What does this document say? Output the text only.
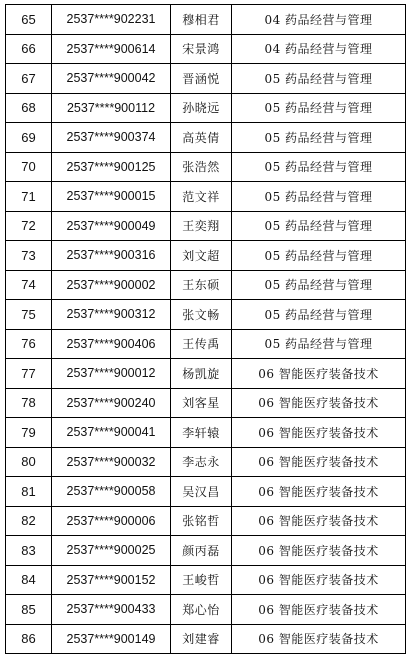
65	2537****902231	穆相君	04 药品经营与管理
66	2537****900614	宋景鸿	04 药品经营与管理
67	2537****900042	晋涵悦	05 药品经营与管理
68	2537****900112	孙晓远	05 药品经营与管理
69	2537****900374	高英倩	05 药品经营与管理
70	2537****900125	张浩然	05 药品经营与管理
71	2537****900015	范文祥	05 药品经营与管理
72	2537****900049	王奕翔	05 药品经营与管理
73	2537****900316	刘文超	05 药品经营与管理
74	2537****900002	王东硕	05 药品经营与管理
75	2537****900312	张文畅	05 药品经营与管理
76	2537****900406	王传禹	05 药品经营与管理
77	2537****900012	杨凯旋	06 智能医疗装备技术
78	2537****900240	刘客星	06 智能医疗装备技术
79	2537****900041	李轩辕	06 智能医疗装备技术
80	2537****900032	李志永	06 智能医疗装备技术
81	2537****900058	吴汉昌	06 智能医疗装备技术
82	2537****900006	张铭哲	06 智能医疗装备技术
83	2537****900025	颜丙磊	06 智能医疗装备技术
84	2537****900152	王峻哲	06 智能医疗装备技术
85	2537****900433	郑心怡	06 智能医疗装备技术
86	2537****900149	刘建睿	06 智能医疗装备技术
